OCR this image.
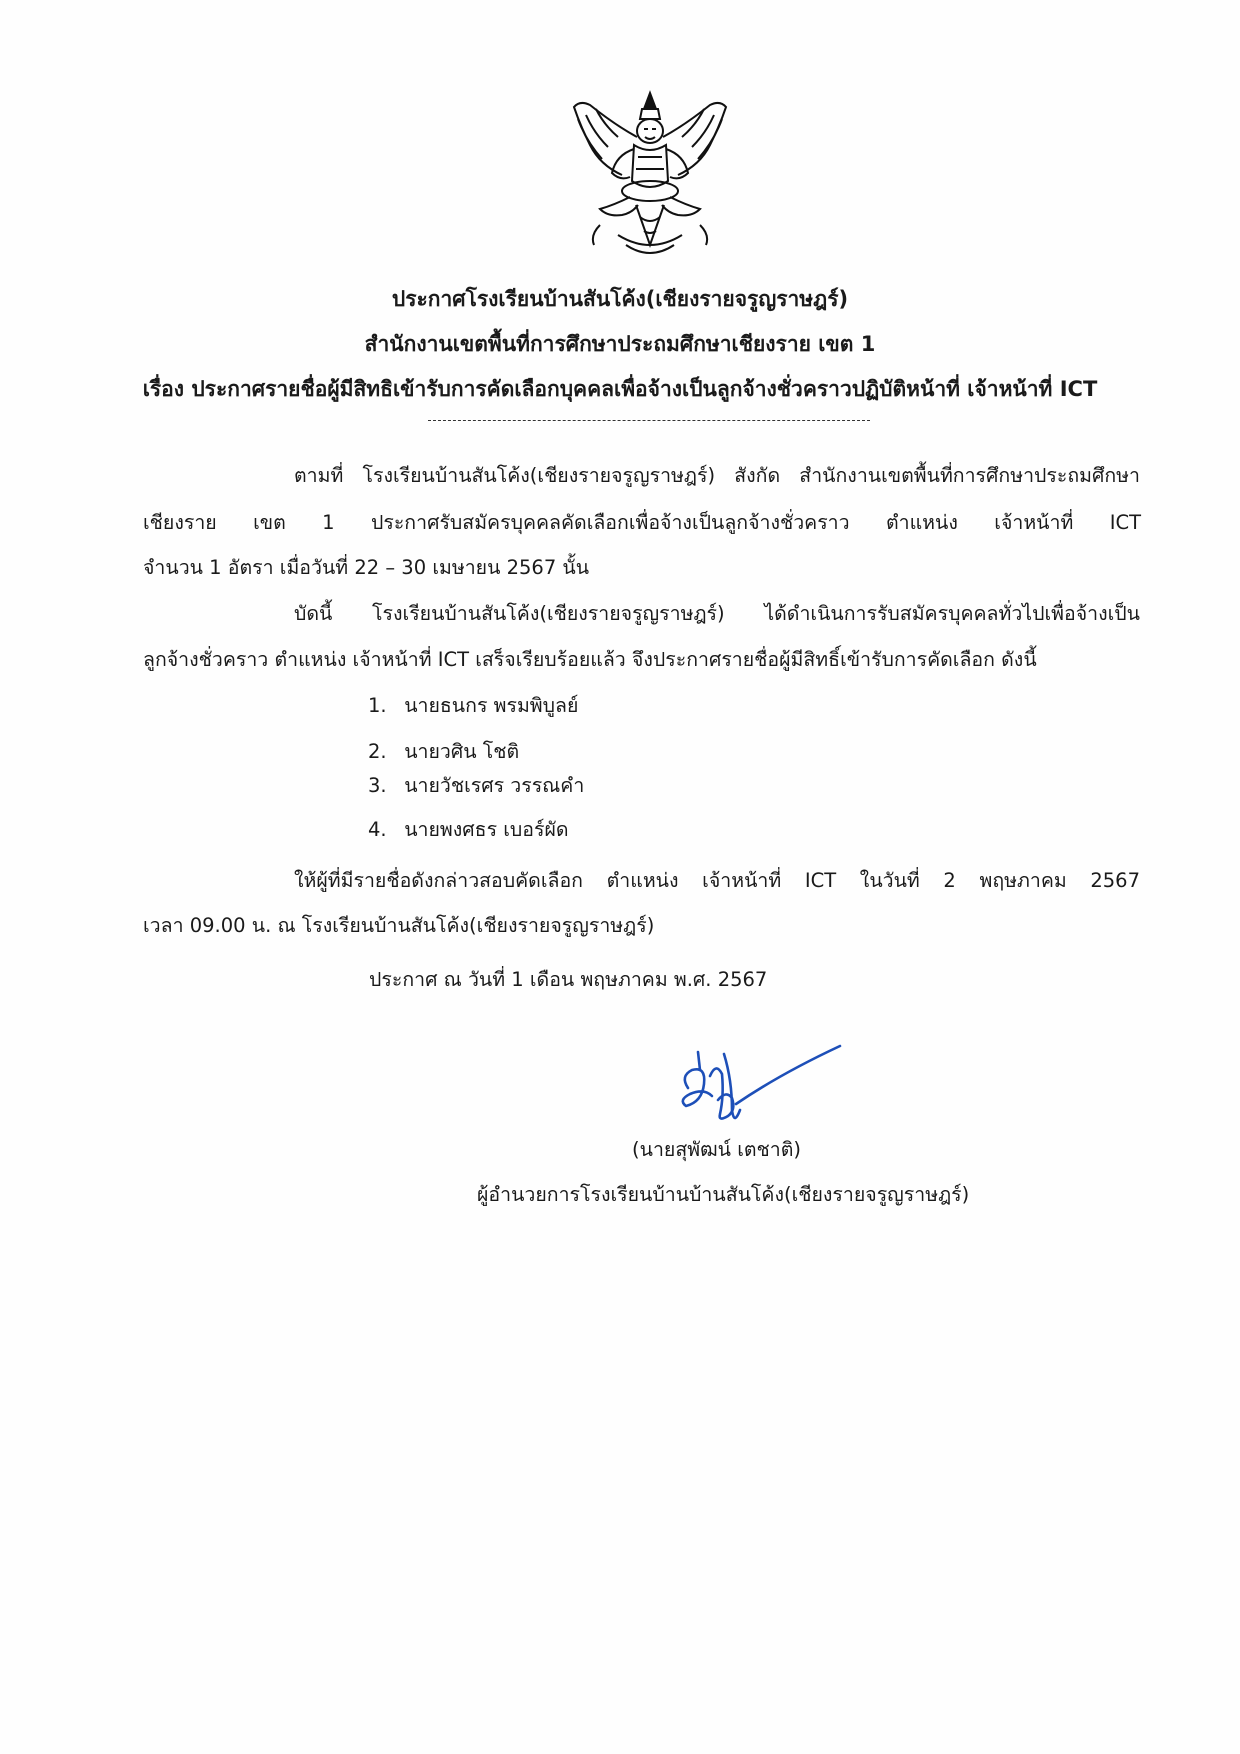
ประกาศโรงเรียนบ้านสันโค้ง(เชียงรายจรูญราษฎร์)
สำนักงานเขตพื้นที่การศึกษาประถมศึกษาเชียงราย เขต 1
เรื่อง ประกาศรายชื่อผู้มีสิทธิเข้ารับการคัดเลือกบุคคลเพื่อจ้างเป็นลูกจ้างชั่วคราวปฏิบัติหน้าที่ เจ้าหน้าที่ ICT
ตามที่ โรงเรียนบ้านสันโค้ง(เชียงรายจรูญราษฎร์) สังกัด สำนักงานเขตพื้นที่การศึกษาประถมศึกษา
เชียงราย เขต 1 ประกาศรับสมัครบุคคลคัดเลือกเพื่อจ้างเป็นลูกจ้างชั่วคราว ตำแหน่ง เจ้าหน้าที่ ICT
จำนวน 1 อัตรา เมื่อวันที่ 22 – 30 เมษายน 2567 นั้น
บัดนี้ โรงเรียนบ้านสันโค้ง(เชียงรายจรูญราษฎร์) ได้ดำเนินการรับสมัครบุคคลทั่วไปเพื่อจ้างเป็น
ลูกจ้างชั่วคราว ตำแหน่ง เจ้าหน้าที่ ICT เสร็จเรียบร้อยแล้ว จึงประกาศรายชื่อผู้มีสิทธิ์เข้ารับการคัดเลือก ดังนี้
1. นายธนกร พรมพิบูลย์
2. นายวศิน โชติ
3. นายวัชเรศร วรรณคำ
4. นายพงศธร เบอร์ผัด
ให้ผู้ที่มีรายชื่อดังกล่าวสอบคัดเลือก ตำแหน่ง เจ้าหน้าที่ ICT ในวันที่ 2 พฤษภาคม 2567
เวลา 09.00 น. ณ โรงเรียนบ้านสันโค้ง(เชียงรายจรูญราษฎร์)
ประกาศ ณ วันที่ 1 เดือน พฤษภาคม พ.ศ. 2567
(นายสุพัฒน์ เตชาติ)
ผู้อำนวยการโรงเรียนบ้านบ้านสันโค้ง(เชียงรายจรูญราษฎร์)
